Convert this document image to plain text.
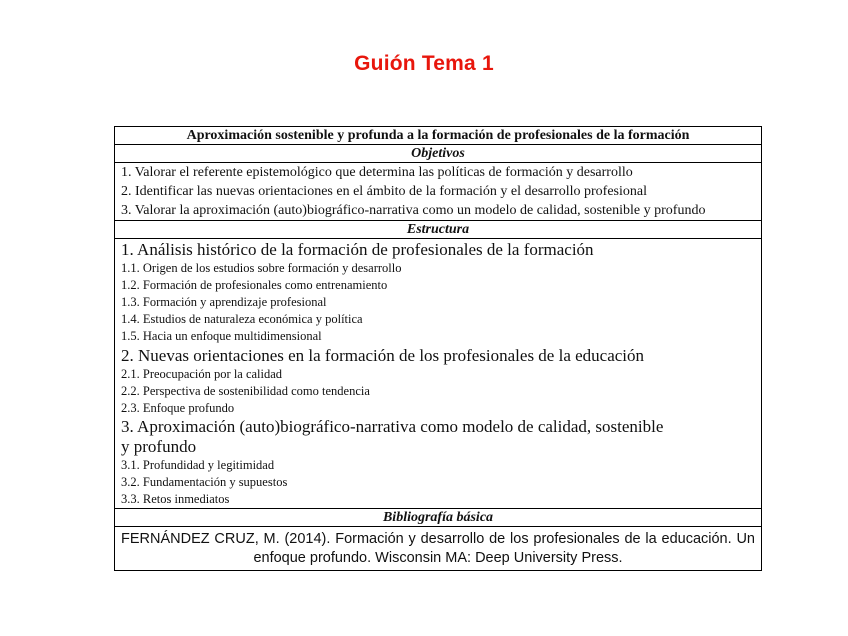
Guión Tema 1
Aproximación sostenible y profunda a la formación de profesionales de la formación
Objetivos

1. Valorar el referente epistemológico que determina las políticas de formación y desarrollo
2. Identificar las nuevas orientaciones en el ámbito de la formación y el desarrollo profesional
3. Valorar la aproximación (auto)biográfico-narrativa como un modelo de calidad, sostenible y profundo

Estructura

1. Análisis histórico de la formación de profesionales de la formación
1.1. Origen de los estudios sobre formación y desarrollo
1.2. Formación de profesionales como entrenamiento
1.3. Formación y aprendizaje profesional
1.4. Estudios de naturaleza económica y política
1.5. Hacia un enfoque multidimensional
2. Nuevas orientaciones en la formación de los profesionales de la educación
2.1. Preocupación por la calidad
2.2. Perspectiva de sostenibilidad como tendencia
2.3. Enfoque profundo
3. Aproximación (auto)biográfico-narrativa como modelo de calidad, sostenible
y profundo
3.1. Profundidad y legitimidad
3.2. Fundamentación y supuestos
3.3. Retos inmediatos

Bibliografía básica
FERNÁNDEZ CRUZ, M. (2014). Formación y desarrollo de los profesionales de la educación. Un enfoque profundo. Wisconsin MA: Deep University Press.
